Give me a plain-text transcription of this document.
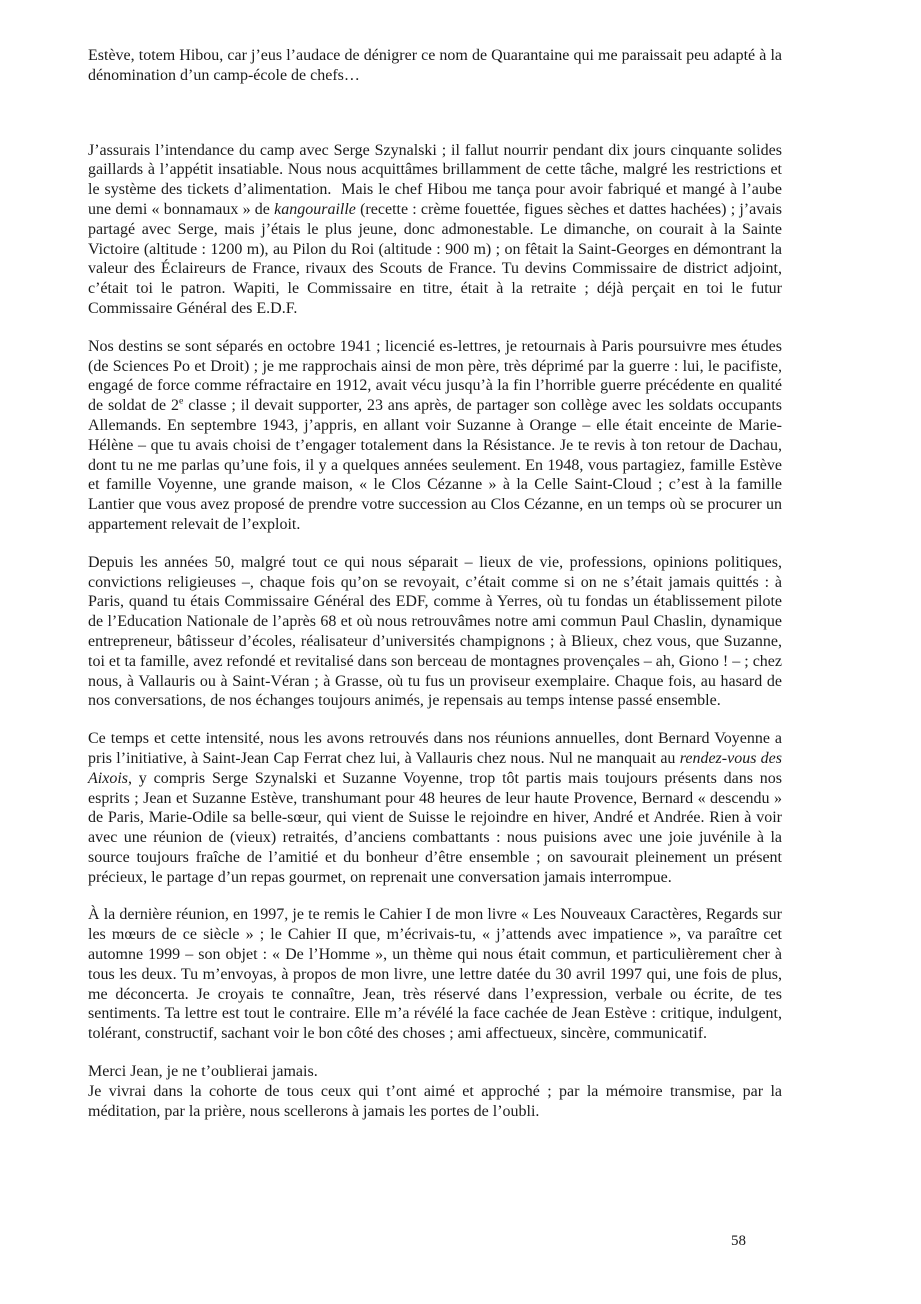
Estève, totem Hibou, car j’eus l’audace de dénigrer ce nom de Quarantaine qui me paraissait peu adapté à la dénomination d’un camp-école de chefs…

J’assurais l’intendance du camp avec Serge Szynalski ; il fallut nourrir pendant dix jours cinquante solides gaillards à l’appétit insatiable. Nous nous acquittâmes brillamment de cette tâche, malgré les restrictions et le système des tickets d’alimentation.  Mais le chef Hibou me tança pour avoir fabriqué et mangé à l’aube une demi « bonnamaux » de kangouraille (recette : crème fouettée, figues sèches et dattes hachées) ; j’avais partagé avec Serge, mais j’étais le plus jeune, donc admonestable. Le dimanche, on courait à la Sainte Victoire (altitude : 1200 m), au Pilon du Roi (altitude : 900 m) ; on fêtait la Saint-Georges en démontrant la valeur des Éclaireurs de France, rivaux des Scouts de France. Tu devins Commissaire de district adjoint, c’était toi le patron. Wapiti, le Commissaire en titre, était à la retraite ; déjà perçait en toi le futur Commissaire Général des E.D.F.

Nos destins se sont séparés en octobre 1941 ; licencié es-lettres, je retournais à Paris poursuivre mes études (de Sciences Po et Droit) ; je me rapprochais ainsi de mon père, très déprimé par la guerre : lui, le pacifiste, engagé de force comme réfractaire en 1912, avait vécu jusqu’à la fin l’horrible guerre précédente en qualité de soldat de 2e classe ; il devait supporter, 23 ans après, de partager son collège avec les soldats occupants Allemands. En septembre 1943, j’appris, en allant voir Suzanne à Orange – elle était enceinte de Marie-Hélène – que tu avais choisi de t’engager totalement dans la Résistance. Je te revis à ton retour de Dachau, dont tu ne me parlas qu’une fois, il y a quelques années seulement. En 1948, vous partagiez, famille Estève et famille Voyenne, une grande maison, « le Clos Cézanne » à la Celle Saint-Cloud ; c’est à la famille Lantier que vous avez proposé de prendre votre succession au Clos Cézanne, en un temps où se procurer un appartement relevait de l’exploit.

Depuis les années 50, malgré tout ce qui nous séparait – lieux de vie, professions, opinions politiques, convictions religieuses –, chaque fois qu’on se revoyait, c’était comme si on ne s’était jamais quittés : à Paris, quand tu étais Commissaire Général des EDF, comme à Yerres, où tu fondas un établissement pilote de l’Education Nationale de l’après 68 et où nous retrouvâmes notre ami commun Paul Chaslin, dynamique entrepreneur, bâtisseur d’écoles, réalisateur d’universités champignons ; à Blieux, chez vous, que Suzanne, toi et ta famille, avez refondé et revitalisé dans son berceau de montagnes provençales – ah, Giono ! – ; chez nous, à Vallauris ou à Saint-Véran ; à Grasse, où tu fus un proviseur exemplaire. Chaque fois, au hasard de nos conversations, de nos échanges toujours animés, je repensais au temps intense passé ensemble.

Ce temps et cette intensité, nous les avons retrouvés dans nos réunions annuelles, dont Bernard Voyenne a pris l’initiative, à Saint-Jean Cap Ferrat chez lui, à Vallauris chez nous. Nul ne manquait au rendez-vous des Aixois, y compris Serge Szynalski et Suzanne Voyenne, trop tôt partis mais toujours présents dans nos esprits ; Jean et Suzanne Estève, transhumant pour 48 heures de leur haute Provence, Bernard « descendu » de Paris, Marie-Odile sa belle-sœur, qui vient de Suisse le rejoindre en hiver, André et Andrée. Rien à voir avec une réunion de (vieux) retraités, d’anciens combattants : nous puisions avec une joie juvénile à la source toujours fraîche de l’amitié et du bonheur d’être ensemble ; on savourait pleinement un présent précieux, le partage d’un repas gourmet, on reprenait une conversation jamais interrompue.

À la dernière réunion, en 1997, je te remis le Cahier I de mon livre « Les Nouveaux Caractères, Regards sur les mœurs de ce siècle » ; le Cahier II que, m’écrivais-tu, « j’attends avec impatience », va paraître cet automne 1999 – son objet : « De l’Homme », un thème qui nous était commun, et particulièrement cher à tous les deux. Tu m’envoyas, à propos de mon livre, une lettre datée du 30 avril 1997 qui, une fois de plus, me déconcerta. Je croyais te connaître, Jean, très réservé dans l’expression, verbale ou écrite, de tes sentiments. Ta lettre est tout le contraire. Elle m’a révélé la face cachée de Jean Estève : critique, indulgent, tolérant, constructif, sachant voir le bon côté des choses ; ami affectueux, sincère, communicatif.

Merci Jean, je ne t’oublierai jamais.

Je vivrai dans la cohorte de tous ceux qui t’ont aimé et approché ; par la mémoire transmise, par la méditation, par la prière, nous scellerons à jamais les portes de l’oubli.

58
